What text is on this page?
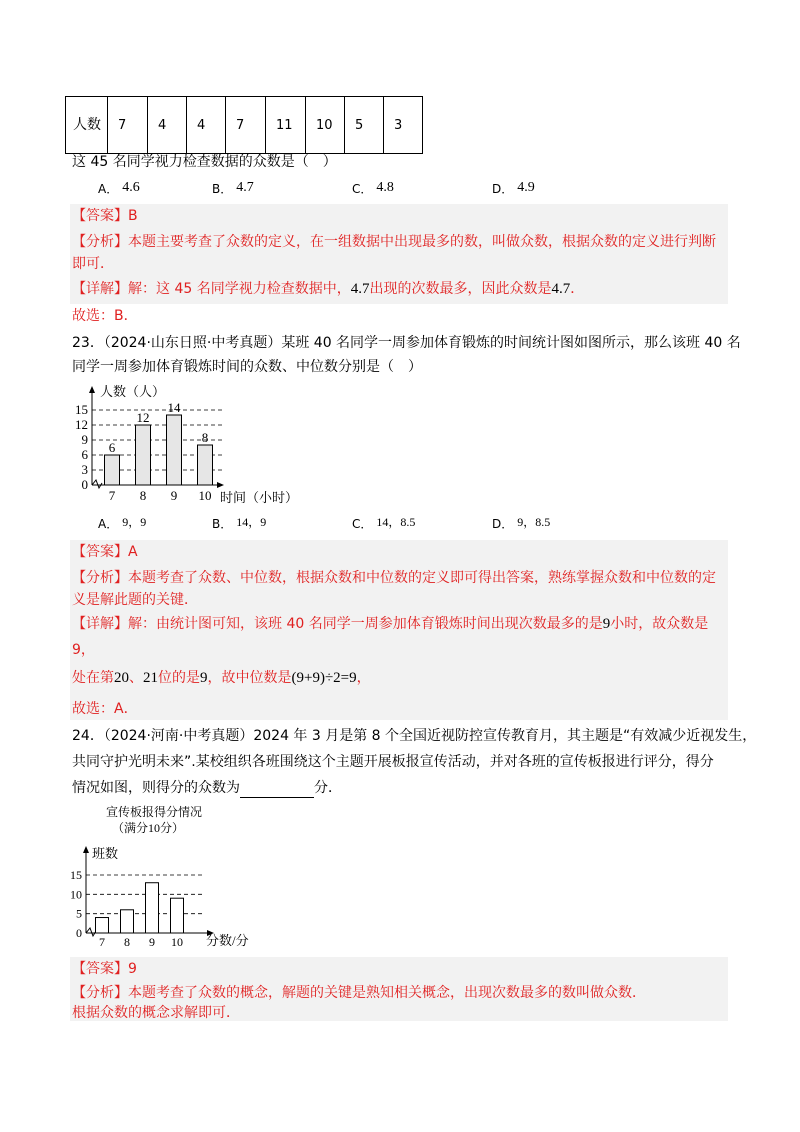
人数	7	4	4	7	11	10	5	3
这 45 名同学视力检查数据的众数是（　）
A． 4.6	B． 4.7	C． 4.8	D． 4.9
【答案】B
【分析】本题主要考查了众数的定义，在一组数据中出现最多的数，叫做众数，根据众数的定义进行判断
即可．
【详解】解：这 45 名同学视力检查数据中，4.7出现的次数最多，因此众数是4.7．
故选：B．
23．（2024·山东日照·中考真题）某班 40 名同学一周参加体育锻炼的时间统计图如图所示，那么该班 40 名
同学一周参加体育锻炼时间的众数、中位数分别是（　）
人数（人）
时间（小时）
0
3
6
9
12
15
7 8 9 10
6
12
14
8
A． 9，9	B． 14，9	C． 14，8.5	D． 9，8.5
【答案】A
【分析】本题考查了众数、中位数，根据众数和中位数的定义即可得出答案，熟练掌握众数和中位数的定
义是解此题的关键．
【详解】解：由统计图可知，该班 40 名同学一周参加体育锻炼时间出现次数最多的是9小时，故众数是
9，
处在第20、21位的是9，故中位数是(9+9)÷2=9，
故选：A．
24．（2024·河南·中考真题）2024 年 3 月是第 8 个全国近视防控宣传教育月，其主题是“有效减少近视发生，
共同守护光明未来”.某校组织各班围绕这个主题开展板报宣传活动，并对各班的宣传板报进行评分，得分
情况如图，则得分的众数为	分．
宣传板报得分情况
（满分10分）
班数
分数/分
0
5
10
15
7 8 9 10
【答案】9
【分析】本题考查了众数的概念，解题的关键是熟知相关概念，出现次数最多的数叫做众数．
根据众数的概念求解即可．
